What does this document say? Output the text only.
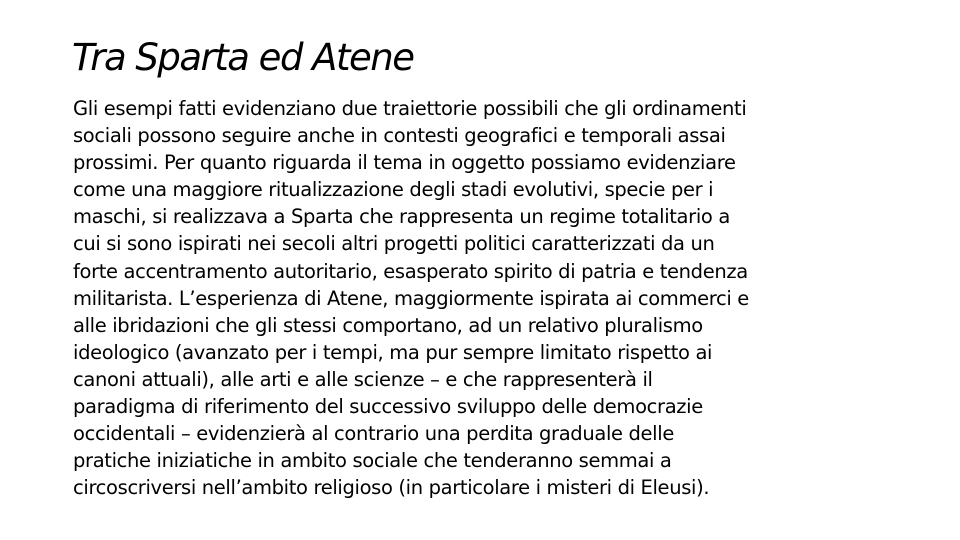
Tra Sparta ed Atene
Gli esempi fatti evidenziano due traiettorie possibili che gli ordinamenti
sociali possono seguire anche in contesti geografici e temporali assai
prossimi. Per quanto riguarda il tema in oggetto possiamo evidenziare
come una maggiore ritualizzazione degli stadi evolutivi, specie per i
maschi, si realizzava a Sparta che rappresenta un regime totalitario a
cui si sono ispirati nei secoli altri progetti politici caratterizzati da un
forte accentramento autoritario, esasperato spirito di patria e tendenza
militarista. L’esperienza di Atene, maggiormente ispirata ai commerci e
alle ibridazioni che gli stessi comportano, ad un relativo pluralismo
ideologico (avanzato per i tempi, ma pur sempre limitato rispetto ai
canoni attuali), alle arti e alle scienze – e che rappresenterà il
paradigma di riferimento del successivo sviluppo delle democrazie
occidentali – evidenzierà al contrario una perdita graduale delle
pratiche iniziatiche in ambito sociale che tenderanno semmai a
circoscriversi nell’ambito religioso (in particolare i misteri di Eleusi).
